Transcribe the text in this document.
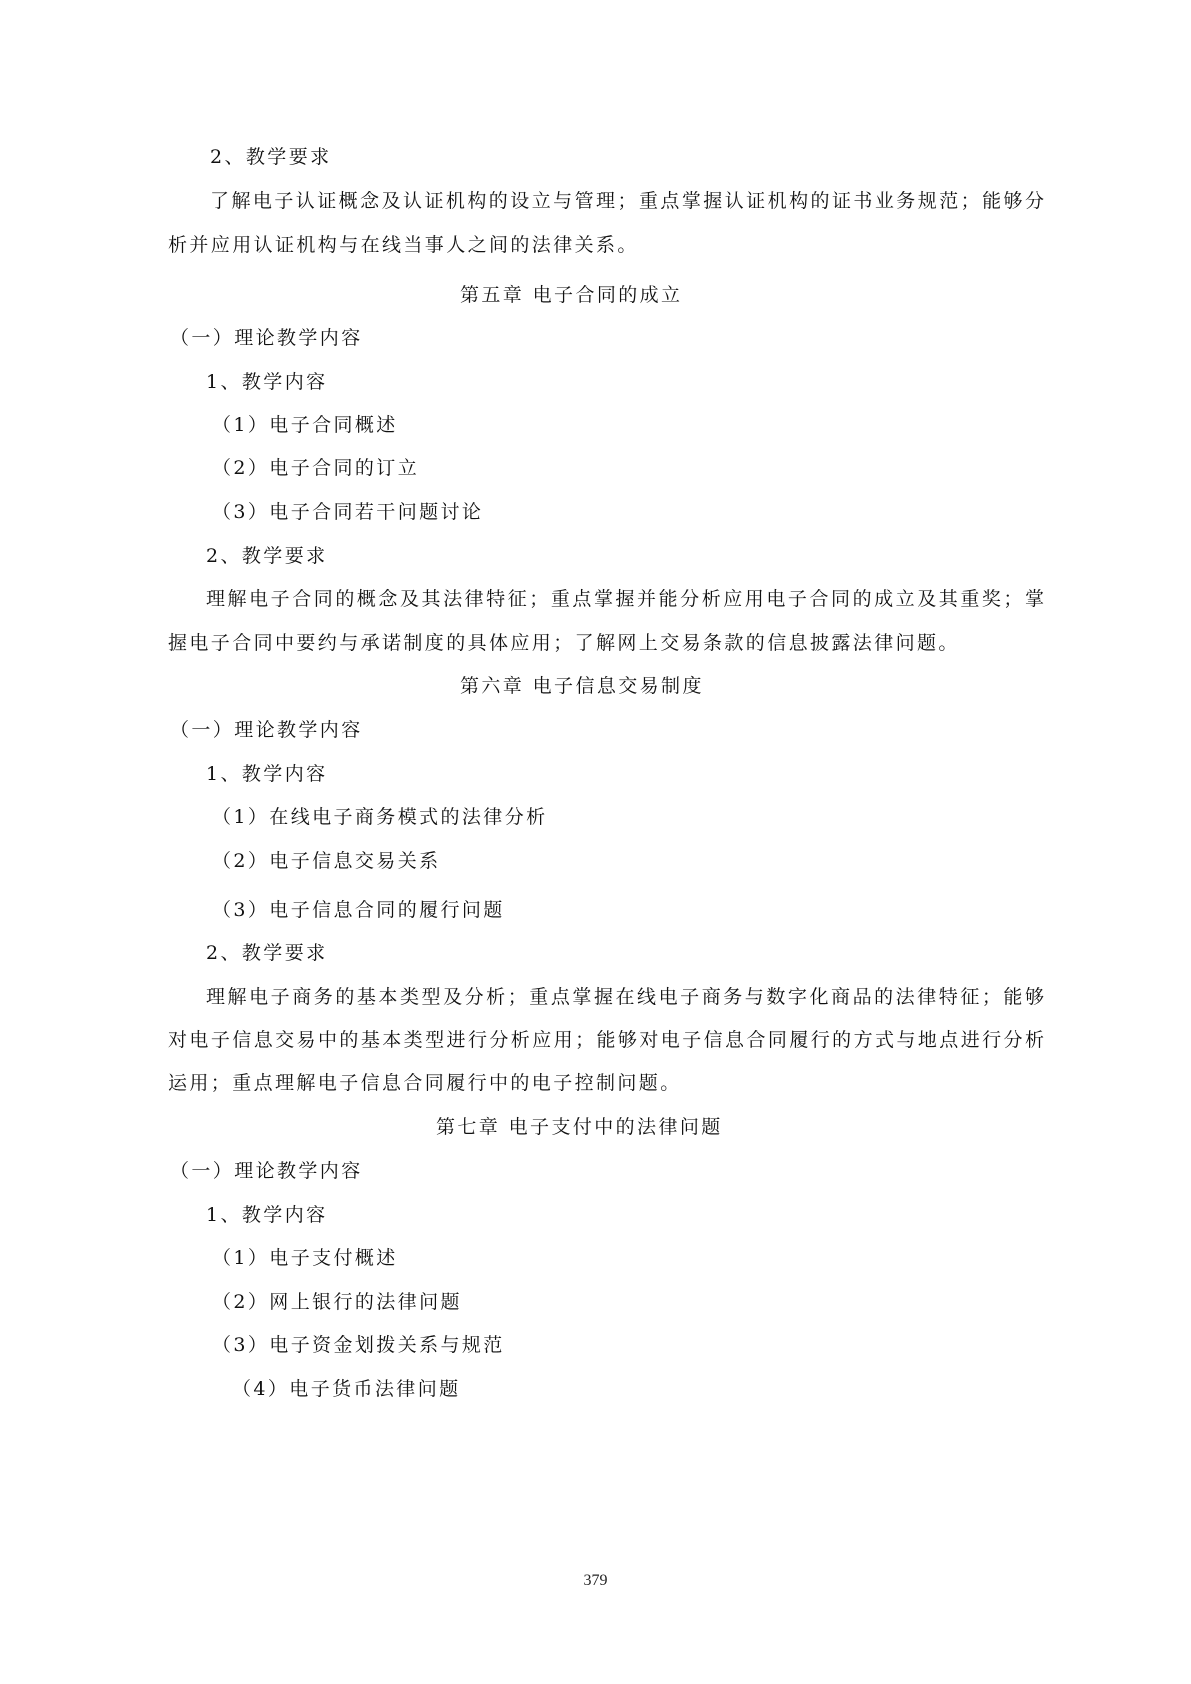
2、教学要求

了解电子认证概念及认证机构的设立与管理；重点掌握认证机构的证书业务规范；能够分

析并应用认证机构与在线当事人之间的法律关系。

第五章 电子合同的成立

（一）理论教学内容

1、教学内容

（1）电子合同概述

（2）电子合同的订立

（3）电子合同若干问题讨论

2、教学要求

理解电子合同的概念及其法律特征；重点掌握并能分析应用电子合同的成立及其重奖；掌

握电子合同中要约与承诺制度的具体应用；了解网上交易条款的信息披露法律问题。

第六章 电子信息交易制度

（一）理论教学内容

1、教学内容

（1）在线电子商务模式的法律分析

（2）电子信息交易关系

（3）电子信息合同的履行问题

2、教学要求

理解电子商务的基本类型及分析；重点掌握在线电子商务与数字化商品的法律特征；能够

对电子信息交易中的基本类型进行分析应用；能够对电子信息合同履行的方式与地点进行分析

运用；重点理解电子信息合同履行中的电子控制问题。

第七章 电子支付中的法律问题

（一）理论教学内容

1、教学内容

（1）电子支付概述

（2）网上银行的法律问题

（3）电子资金划拨关系与规范

（4）电子货币法律问题

379
